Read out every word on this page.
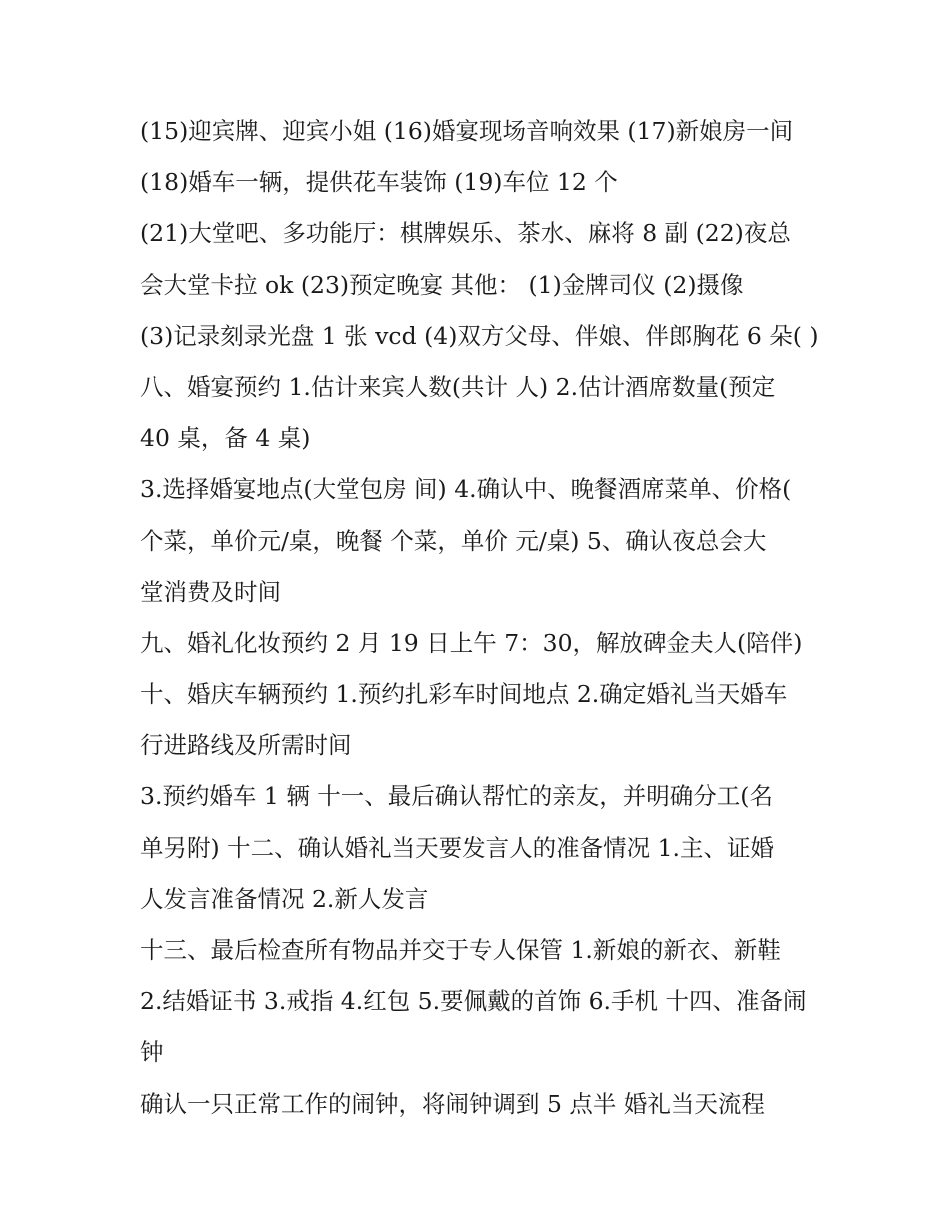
(15)迎宾牌、迎宾小姐 (16)婚宴现场音响效果 (17)新娘房一间
(18)婚车一辆，提供花车装饰 (19)车位 12 个
(21)大堂吧、多功能厅：棋牌娱乐、茶水、麻将 8 副 (22)夜总
会大堂卡拉 ok (23)预定晚宴 其他： (1)金牌司仪 (2)摄像
(3)记录刻录光盘 1 张 vcd (4)双方父母、伴娘、伴郎胸花 6 朵( )
八、婚宴预约 1.估计来宾人数(共计 人) 2.估计酒席数量(预定
40 桌，备 4 桌)
3.选择婚宴地点(大堂包房 间) 4.确认中、晚餐酒席菜单、价格(
个菜，单价元/桌，晚餐 个菜，单价 元/桌) 5、确认夜总会大
堂消费及时间
九、婚礼化妆预约 2 月 19 日上午 7：30，解放碑金夫人(陪伴)
十、婚庆车辆预约 1.预约扎彩车时间地点 2.确定婚礼当天婚车
行进路线及所需时间
3.预约婚车 1 辆 十一、最后确认帮忙的亲友，并明确分工(名
单另附) 十二、确认婚礼当天要发言人的准备情况 1.主、证婚
人发言准备情况 2.新人发言
十三、最后检查所有物品并交于专人保管 1.新娘的新衣、新鞋
2.结婚证书 3.戒指 4.红包 5.要佩戴的首饰 6.手机 十四、准备闹
钟
确认一只正常工作的闹钟，将闹钟调到 5 点半 婚礼当天流程
